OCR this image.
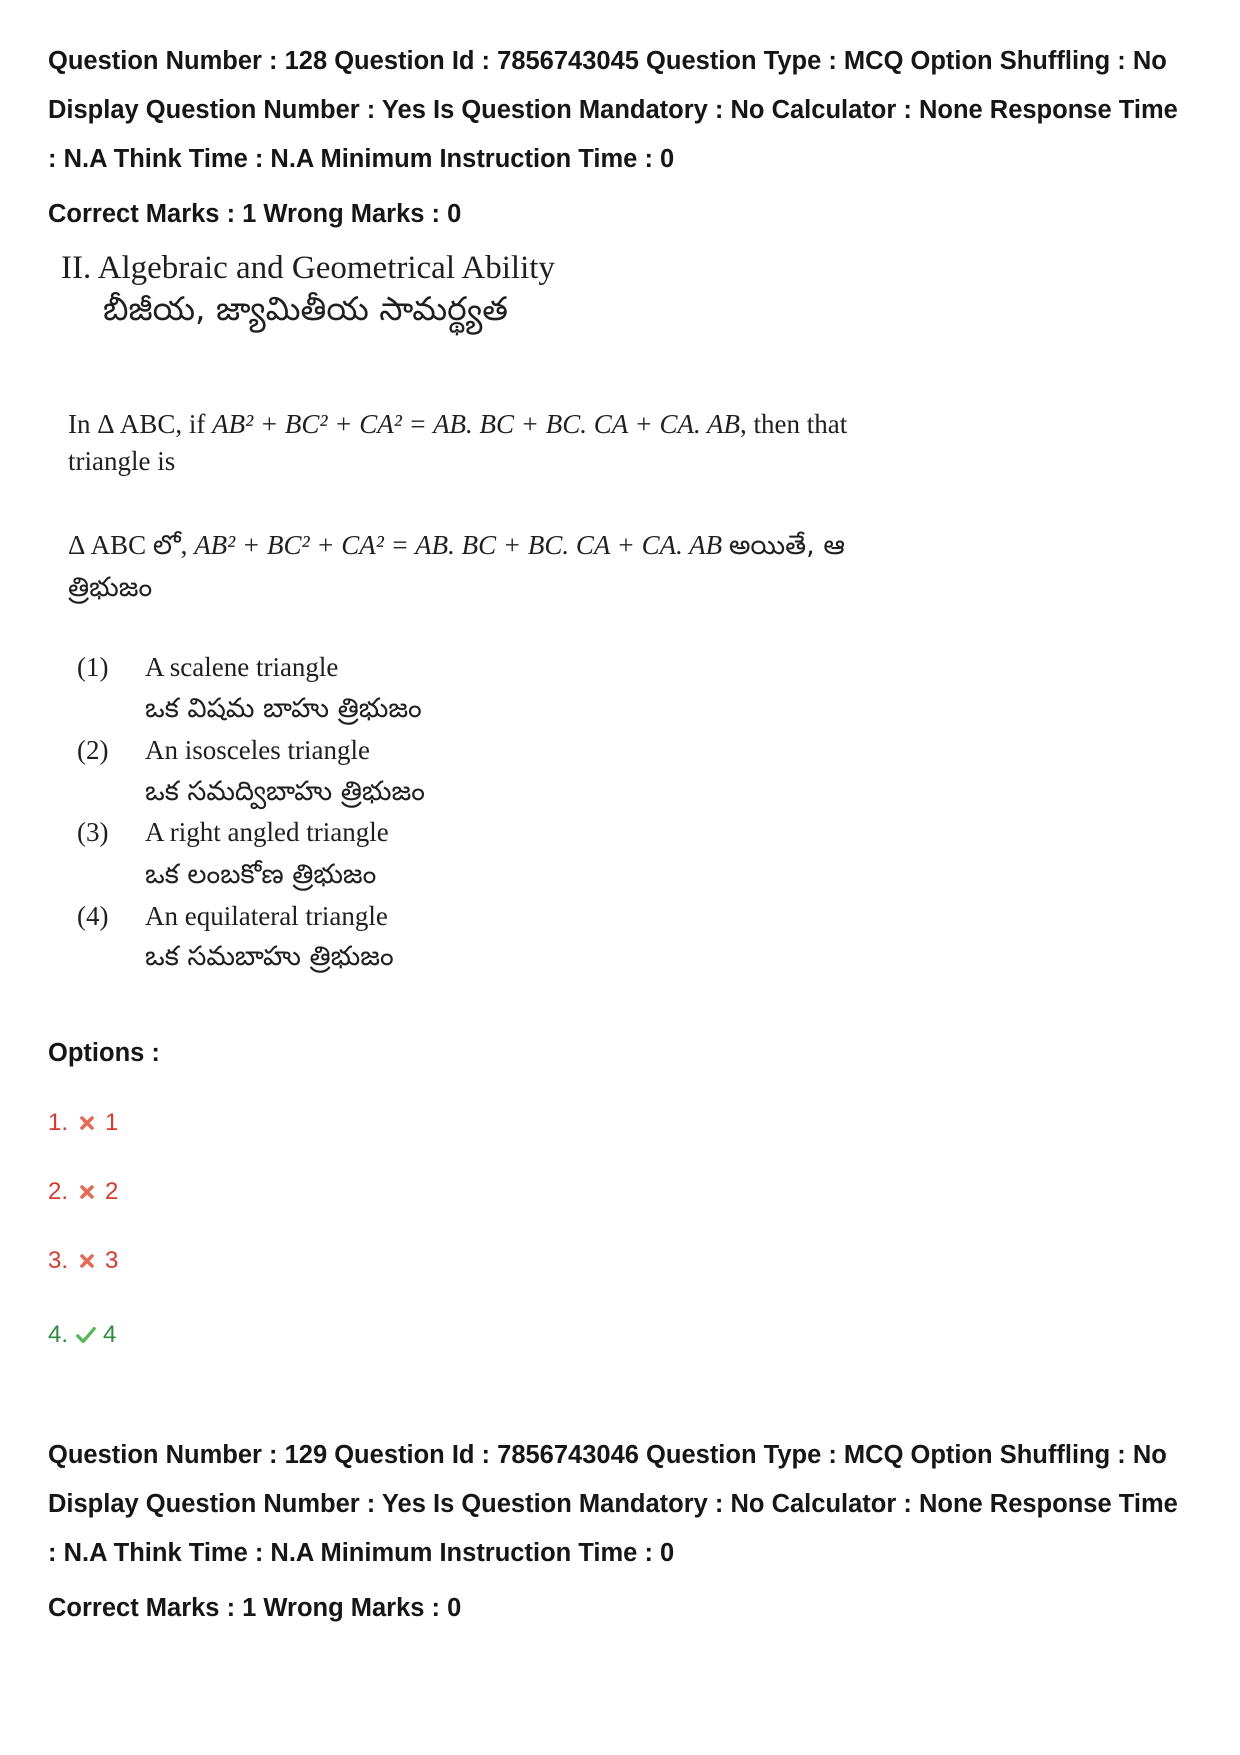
Question Number : 128 Question Id : 7856743045 Question Type : MCQ Option Shuffling : No
Display Question Number : Yes Is Question Mandatory : No Calculator : None Response Time
: N.A Think Time : N.A Minimum Instruction Time : 0
Correct Marks : 1 Wrong Marks : 0
II. Algebraic and Geometrical Ability
బీజీయ, జ్యామితీయ సామర్థ్యత
In Δ ABC, if AB² + BC² + CA² = AB. BC + BC. CA + CA. AB, then that
triangle is
Δ ABC లో, AB² + BC² + CA² = AB. BC + BC. CA + CA. AB అయితే, ఆ
త్రిభుజం
(1) A scalene triangle
ఒక విషమ బాహు త్రిభుజం
(2) An isosceles triangle
ఒక సమద్విబాహు త్రిభుజం
(3) A right angled triangle
ఒక లంబకోణ త్రిభుజం
(4) An equilateral triangle
ఒక సమబాహు త్రిభుజం
Options :
1. 1
2. 2
3. 3
4. 4
Question Number : 129 Question Id : 7856743046 Question Type : MCQ Option Shuffling : No
Display Question Number : Yes Is Question Mandatory : No Calculator : None Response Time
: N.A Think Time : N.A Minimum Instruction Time : 0
Correct Marks : 1 Wrong Marks : 0
